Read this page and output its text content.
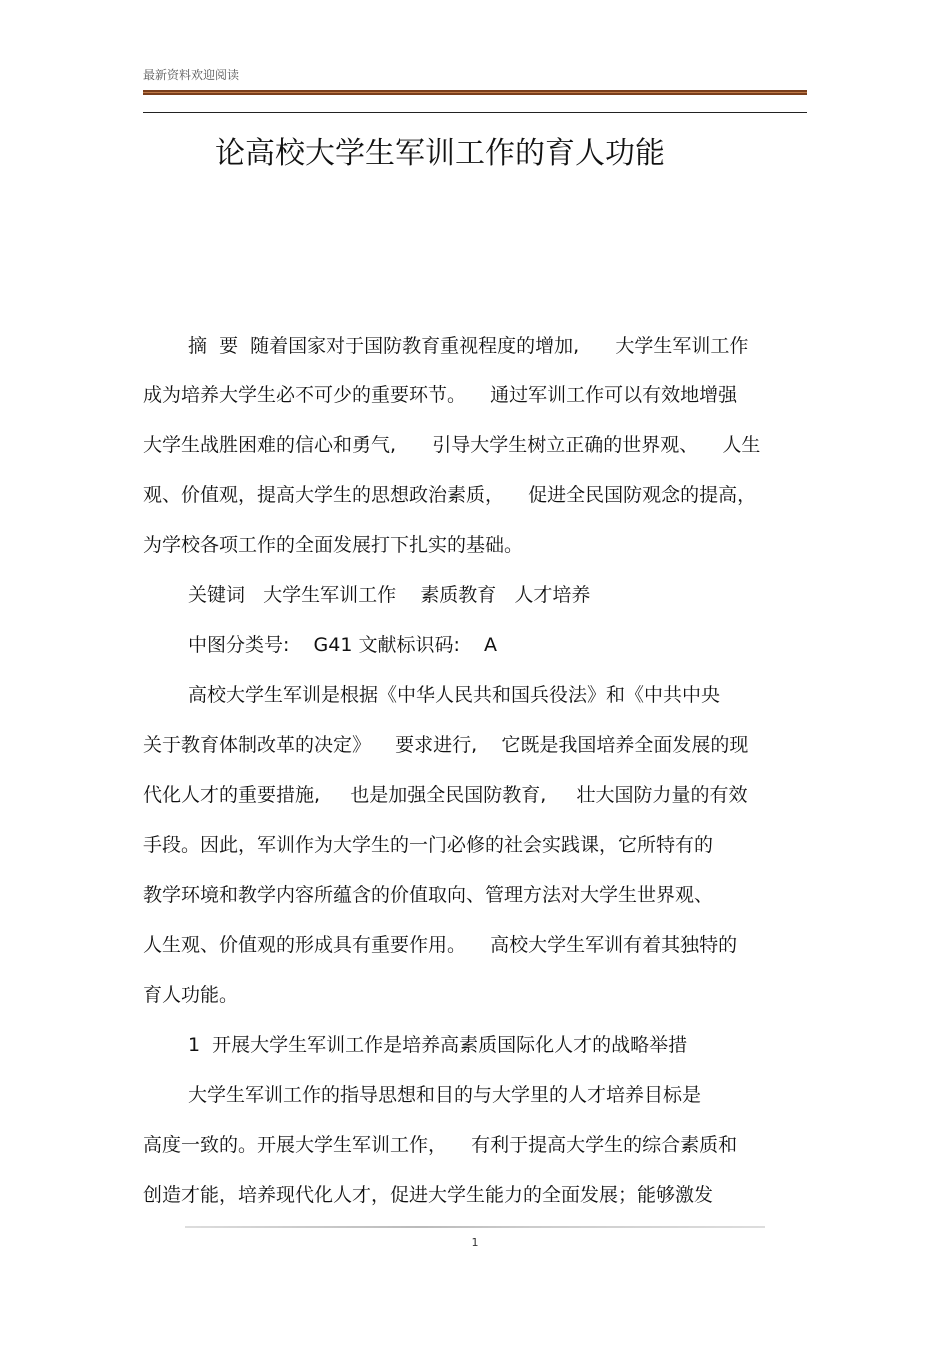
最新资料欢迎阅读
论高校大学生军训工作的育人功能
摘  要  随着国家对于国防教育重视程度的增加,      大学生军训工作
成为培养大学生必不可少的重要环节。    通过军训工作可以有效地增强
大学生战胜困难的信心和勇气,      引导大学生树立正确的世界观、    人生
观、价值观，提高大学生的思想政治素质，    促进全民国防观念的提高，
为学校各项工作的全面发展打下扎实的基础。
关键词   大学生军训工作    素质教育   人才培养
中图分类号:    G41 文献标识码:    A
高校大学生军训是根据《中华人民共和国兵役法》和《中共中央
关于教育体制改革的决定》    要求进行,    它既是我国培养全面发展的现
代化人才的重要措施,     也是加强全民国防教育,     壮大国防力量的有效
手段。因此，军训作为大学生的一门必修的社会实践课，它所特有的
教学环境和教学内容所蕴含的价值取向、管理方法对大学生世界观、
人生观、价值观的形成具有重要作用。    高校大学生军训有着其独特的
育人功能。
1  开展大学生军训工作是培养高素质国际化人才的战略举措
大学生军训工作的指导思想和目的与大学里的人才培养目标是
高度一致的。开展大学生军训工作，    有利于提高大学生的综合素质和
创造才能，培养现代化人才，促进大学生能力的全面发展；能够激发
1
